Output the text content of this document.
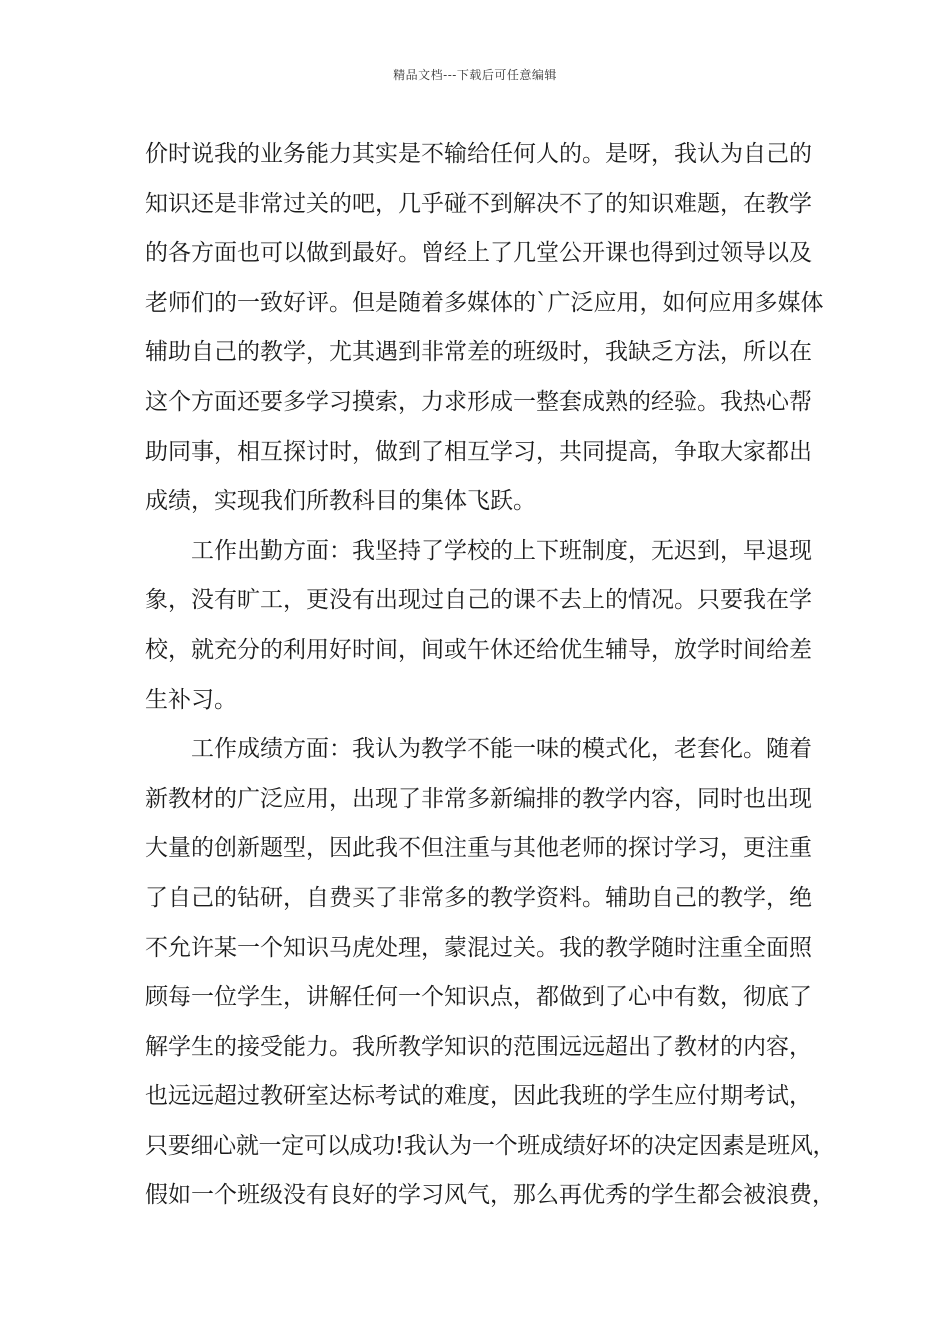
精品文档---下载后可任意编辑
价时说我的业务能力其实是不输给任何人的。是呀，我认为自己的
知识还是非常过关的吧，几乎碰不到解决不了的知识难题，在教学
的各方面也可以做到最好。曾经上了几堂公开课也得到过领导以及
老师们的一致好评。但是随着多媒体的`广泛应用，如何应用多媒体
辅助自己的教学，尤其遇到非常差的班级时，我缺乏方法，所以在
这个方面还要多学习摸索，力求形成一整套成熟的经验。我热心帮
助同事，相互探讨时，做到了相互学习，共同提高，争取大家都出
成绩，实现我们所教科目的集体飞跃。
工作出勤方面：我坚持了学校的上下班制度，无迟到，早退现
象，没有旷工，更没有出现过自己的课不去上的情况。只要我在学
校，就充分的利用好时间，间或午休还给优生辅导，放学时间给差
生补习。
工作成绩方面：我认为教学不能一味的模式化，老套化。随着
新教材的广泛应用，出现了非常多新编排的教学内容，同时也出现
大量的创新题型，因此我不但注重与其他老师的探讨学习，更注重
了自己的钻研，自费买了非常多的教学资料。辅助自己的教学，绝
不允许某一个知识马虎处理，蒙混过关。我的教学随时注重全面照
顾每一位学生，讲解任何一个知识点，都做到了心中有数，彻底了
解学生的接受能力。我所教学知识的范围远远超出了教材的内容，
也远远超过教研室达标考试的难度，因此我班的学生应付期考试，
只要细心就一定可以成功!我认为一个班成绩好坏的决定因素是班风，
假如一个班级没有良好的学习风气，那么再优秀的学生都会被浪费，
